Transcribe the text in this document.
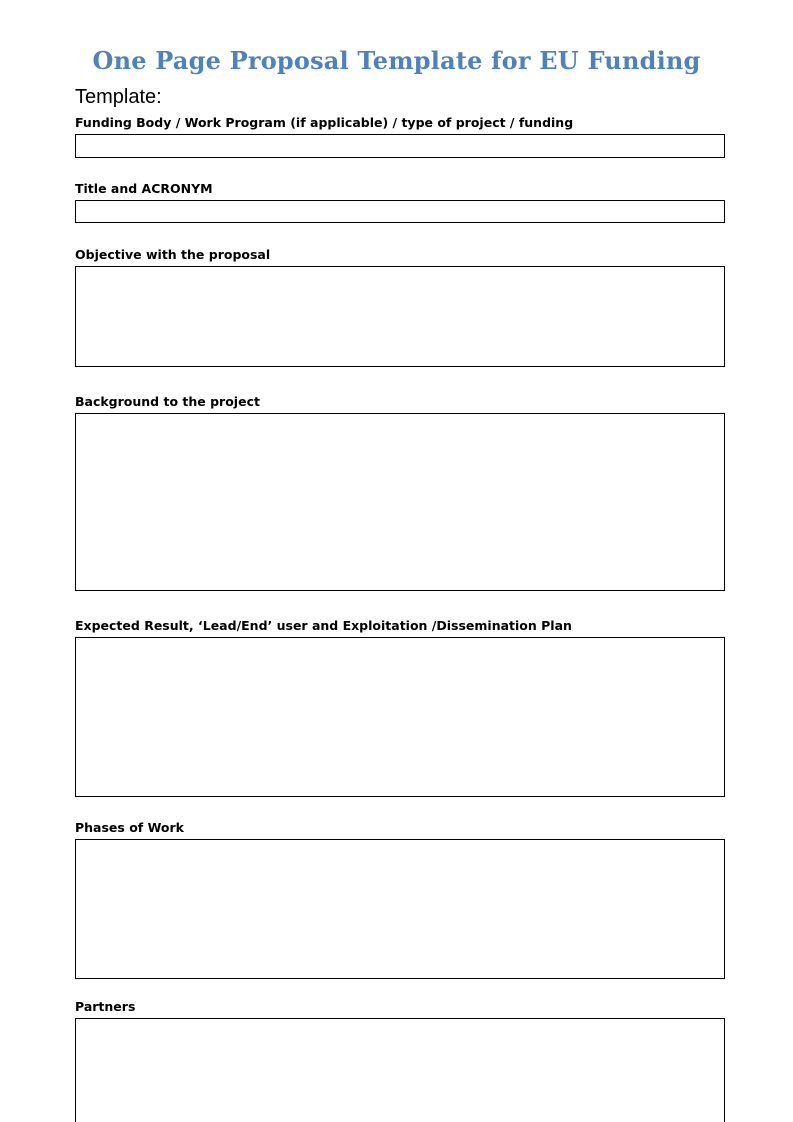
One Page Proposal Template for EU Funding
Template:
Funding Body / Work Program (if applicable) / type of project / funding
Title and ACRONYM
Objective with the proposal
Background to the project
Expected Result, ‘Lead/End’ user and Exploitation /Dissemination Plan
Phases of Work
Partners
